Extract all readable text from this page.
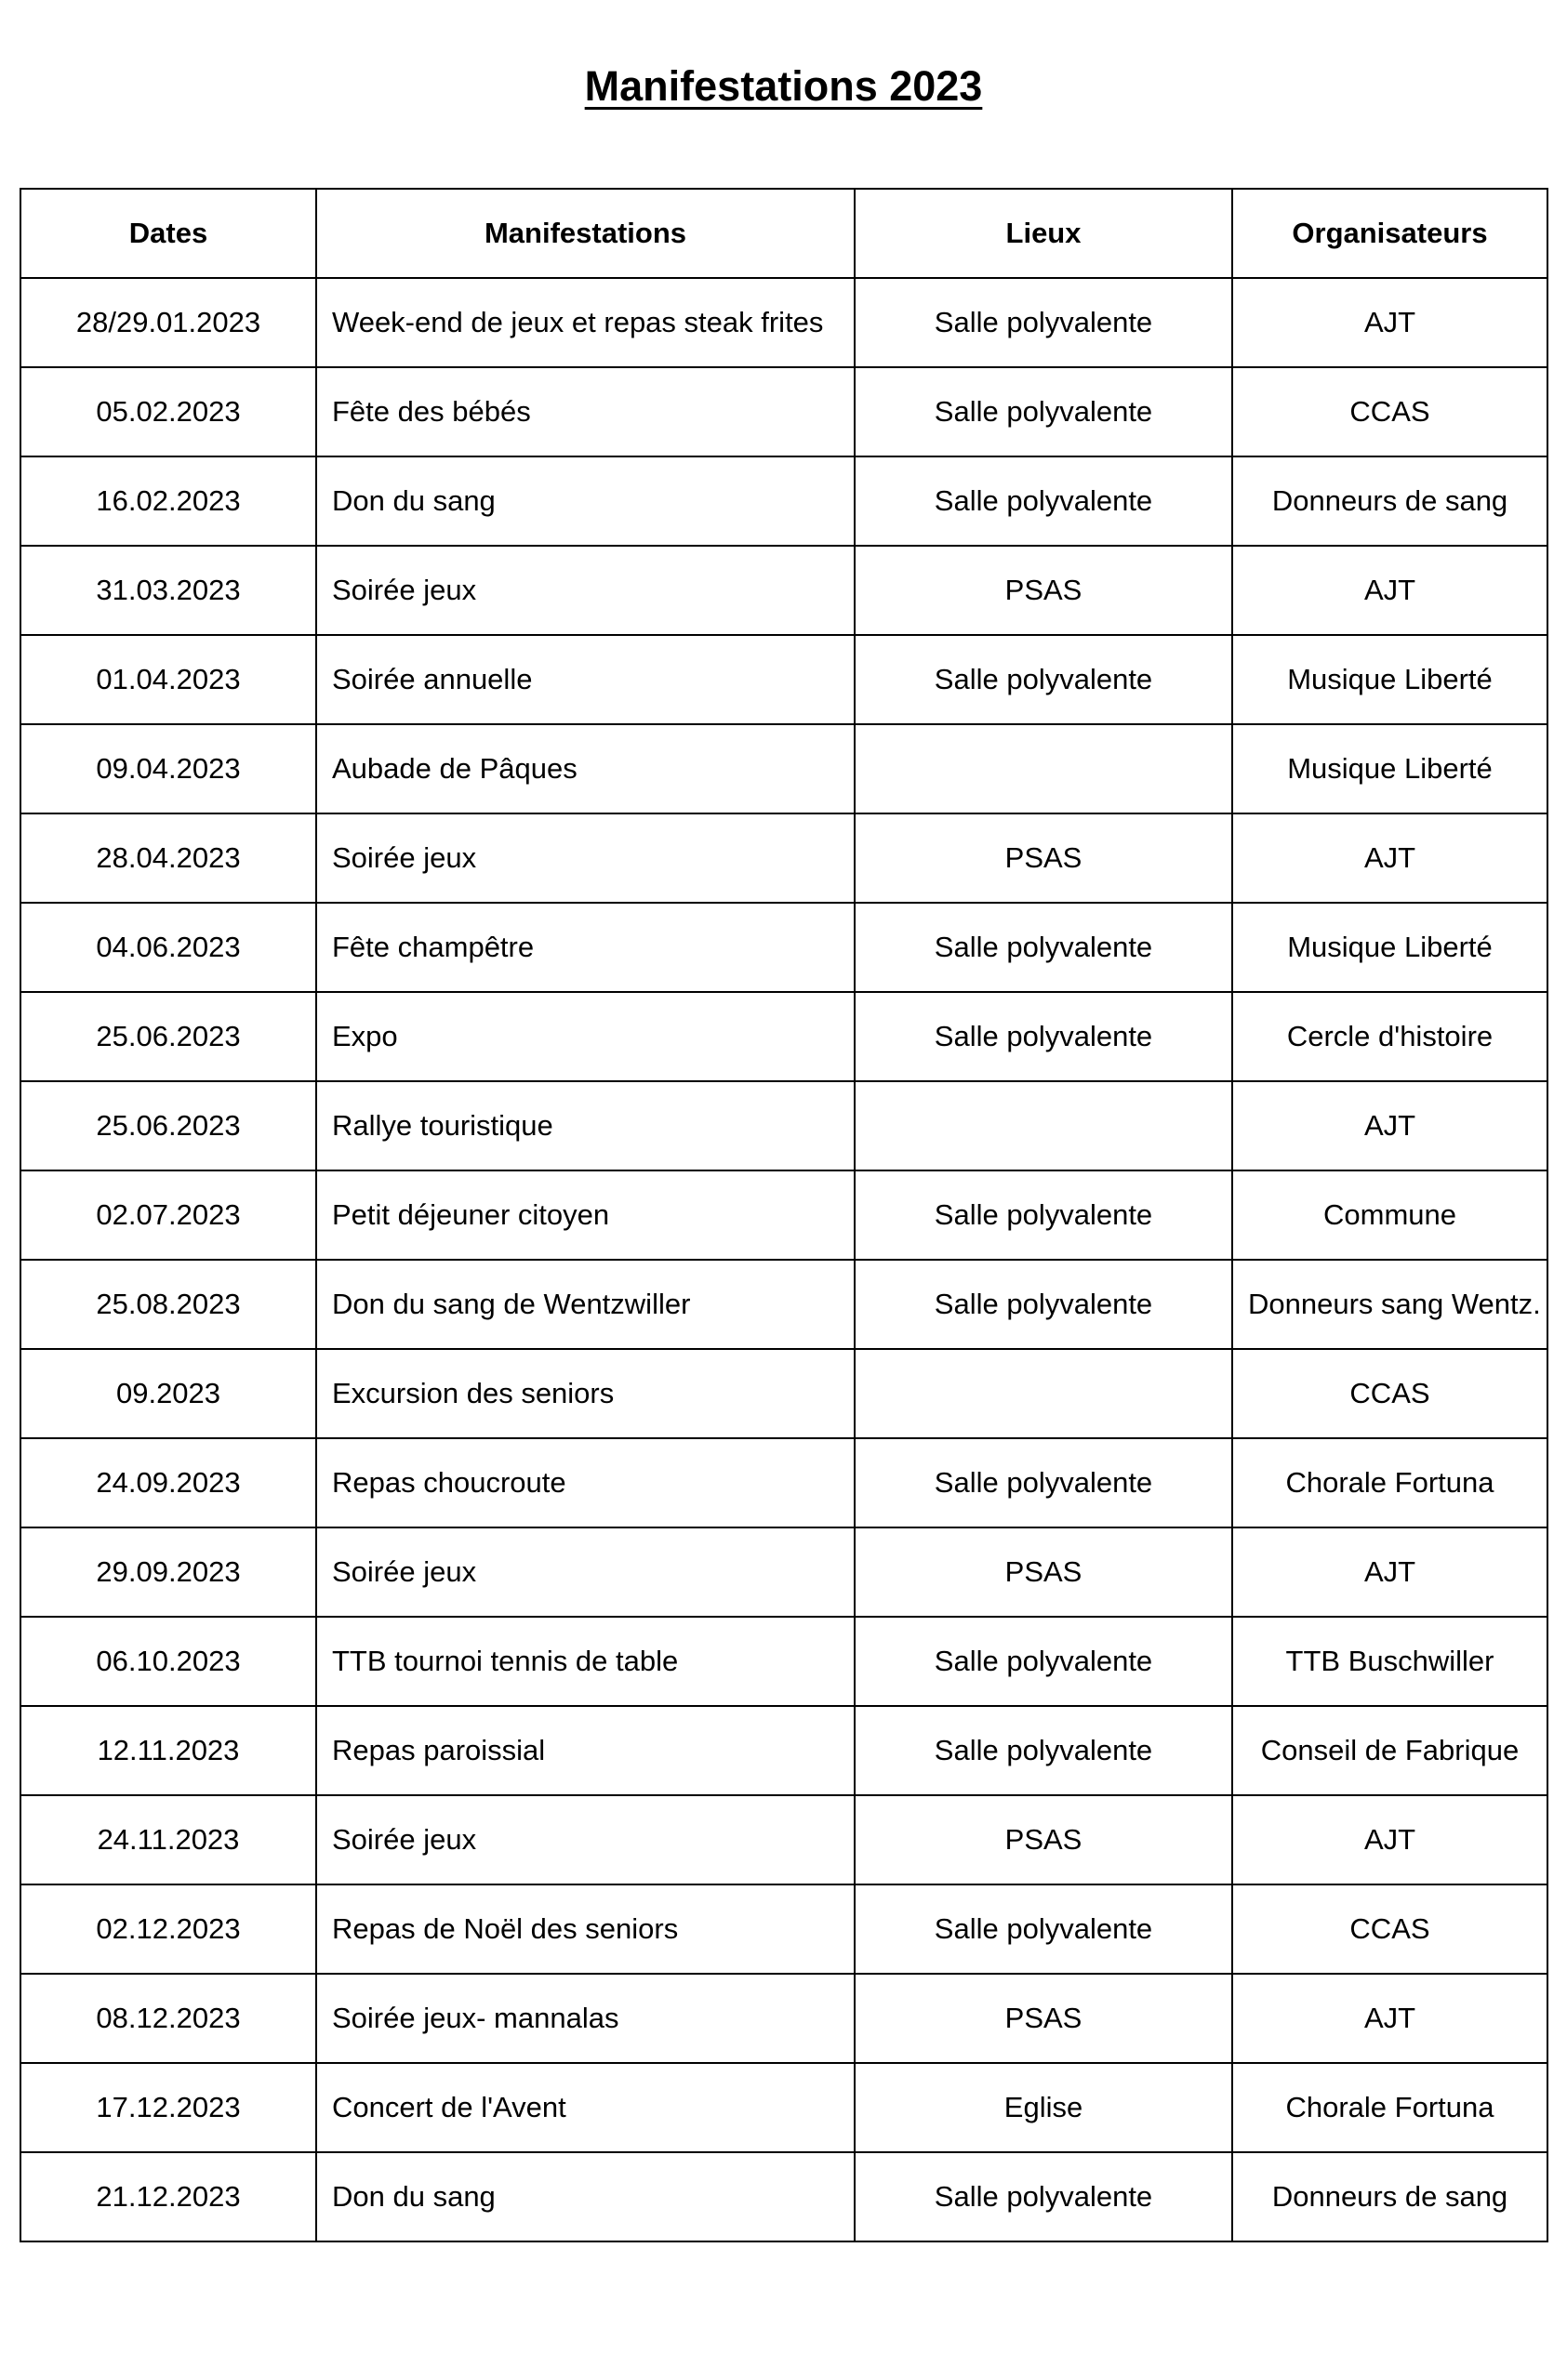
Manifestations 2023
Dates	Manifestations	Lieux	Organisateurs
28/29.01.2023	Week-end de jeux et repas steak frites	Salle polyvalente	AJT
05.02.2023	Fête des bébés	Salle polyvalente	CCAS
16.02.2023	Don du sang	Salle polyvalente	Donneurs de sang
31.03.2023	Soirée jeux	PSAS	AJT
01.04.2023	Soirée annuelle	Salle polyvalente	Musique Liberté
09.04.2023	Aubade de Pâques		Musique Liberté
28.04.2023	Soirée jeux	PSAS	AJT
04.06.2023	Fête champêtre	Salle polyvalente	Musique Liberté
25.06.2023	Expo	Salle polyvalente	Cercle d'histoire
25.06.2023	Rallye touristique		AJT
02.07.2023	Petit déjeuner citoyen	Salle polyvalente	Commune
25.08.2023	Don du sang de Wentzwiller	Salle polyvalente	Donneurs sang Wentz.
09.2023	Excursion des seniors		CCAS
24.09.2023	Repas choucroute	Salle polyvalente	Chorale Fortuna
29.09.2023	Soirée jeux	PSAS	AJT
06.10.2023	TTB tournoi tennis de table	Salle polyvalente	TTB Buschwiller
12.11.2023	Repas paroissial	Salle polyvalente	Conseil de Fabrique
24.11.2023	Soirée jeux	PSAS	AJT
02.12.2023	Repas de Noël des seniors	Salle polyvalente	CCAS
08.12.2023	Soirée jeux- mannalas	PSAS	AJT
17.12.2023	Concert de l'Avent	Eglise	Chorale Fortuna
21.12.2023	Don du sang	Salle polyvalente	Donneurs de sang
